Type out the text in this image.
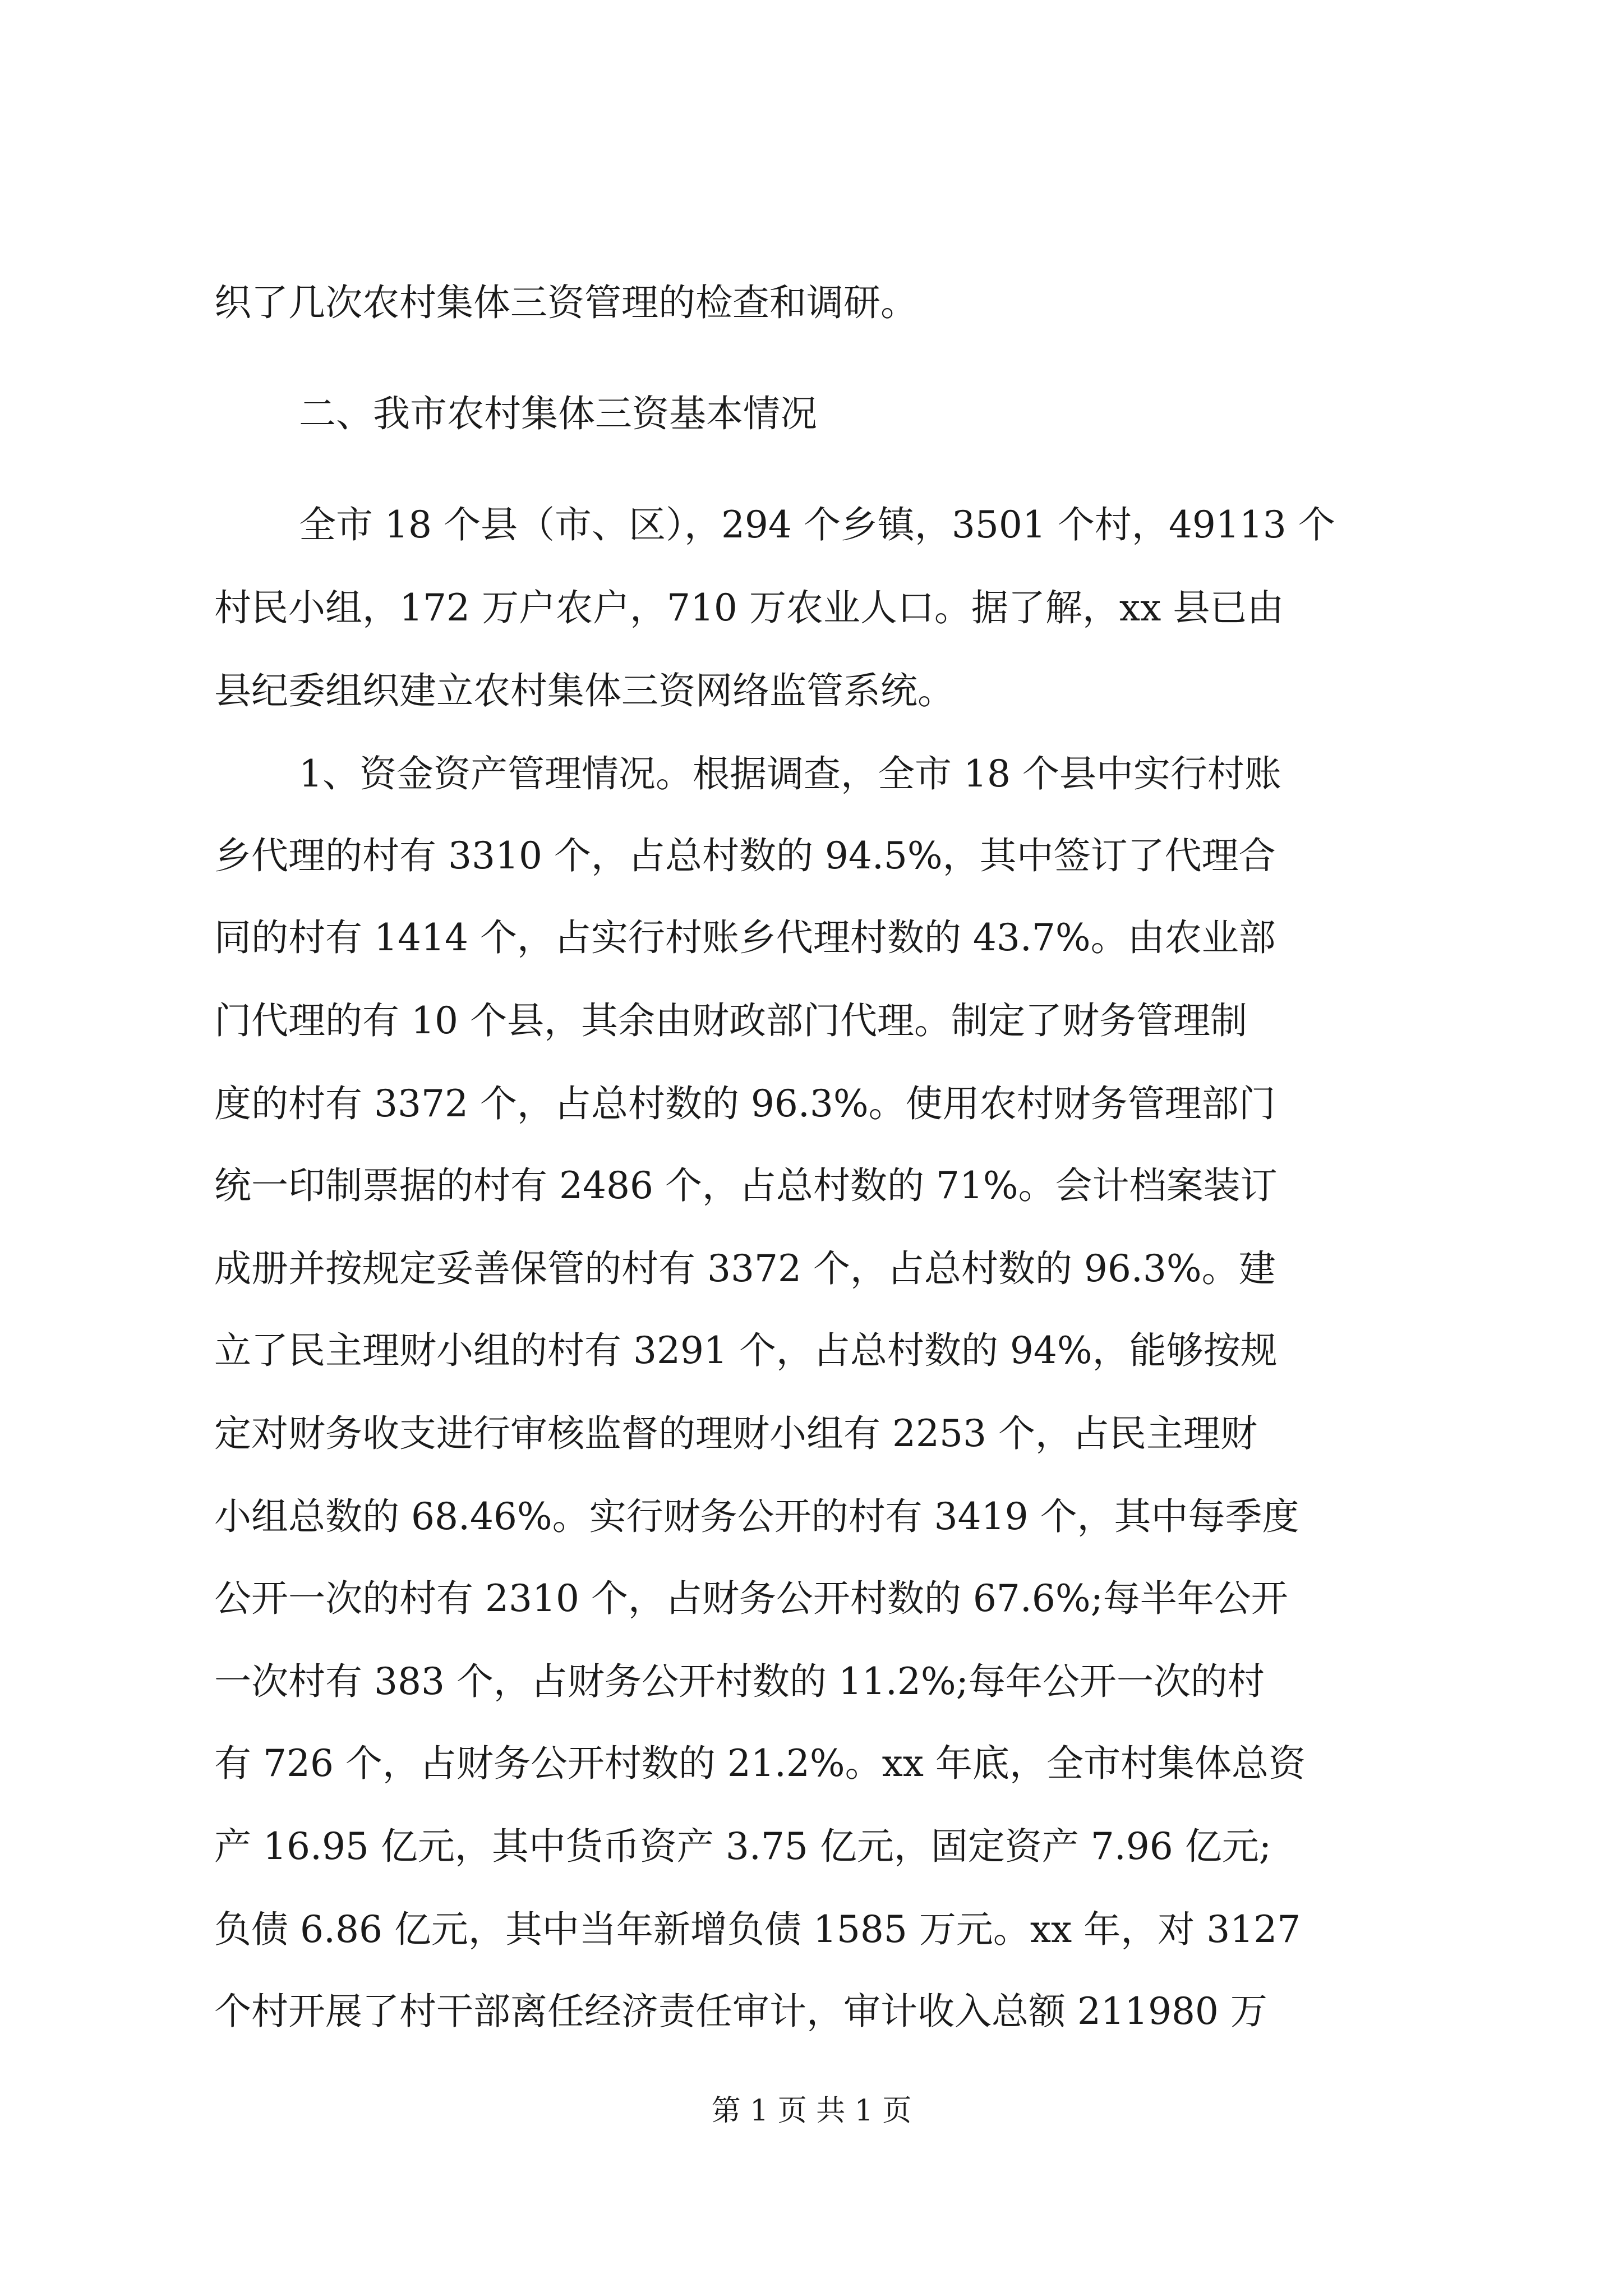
织了几次农村集体三资管理的检查和调研。
二、我市农村集体三资基本情况
全市 18 个县（市、区），294 个乡镇，3501 个村，49113 个
村民小组，172 万户农户，710 万农业人口。据了解，xx 县已由
县纪委组织建立农村集体三资网络监管系统。
1、资金资产管理情况。根据调查，全市 18 个县中实行村账
乡代理的村有 3310 个，占总村数的 94.5%，其中签订了代理合
同的村有 1414 个，占实行村账乡代理村数的 43.7%。由农业部
门代理的有 10 个县，其余由财政部门代理。制定了财务管理制
度的村有 3372 个，占总村数的 96.3%。使用农村财务管理部门
统一印制票据的村有 2486 个，占总村数的 71%。会计档案装订
成册并按规定妥善保管的村有 3372 个，占总村数的 96.3%。建
立了民主理财小组的村有 3291 个，占总村数的 94%，能够按规
定对财务收支进行审核监督的理财小组有 2253 个，占民主理财
小组总数的 68.46%。实行财务公开的村有 3419 个，其中每季度
公开一次的村有 2310 个，占财务公开村数的 67.6%;每半年公开
一次村有 383 个，占财务公开村数的 11.2%;每年公开一次的村
有 726 个，占财务公开村数的 21.2%。xx 年底，全市村集体总资
产 16.95 亿元，其中货币资产 3.75 亿元，固定资产 7.96 亿元;
负债 6.86 亿元，其中当年新增负债 1585 万元。xx 年，对 3127
个村开展了村干部离任经济责任审计，审计收入总额 211980 万
第 1 页 共 1 页
